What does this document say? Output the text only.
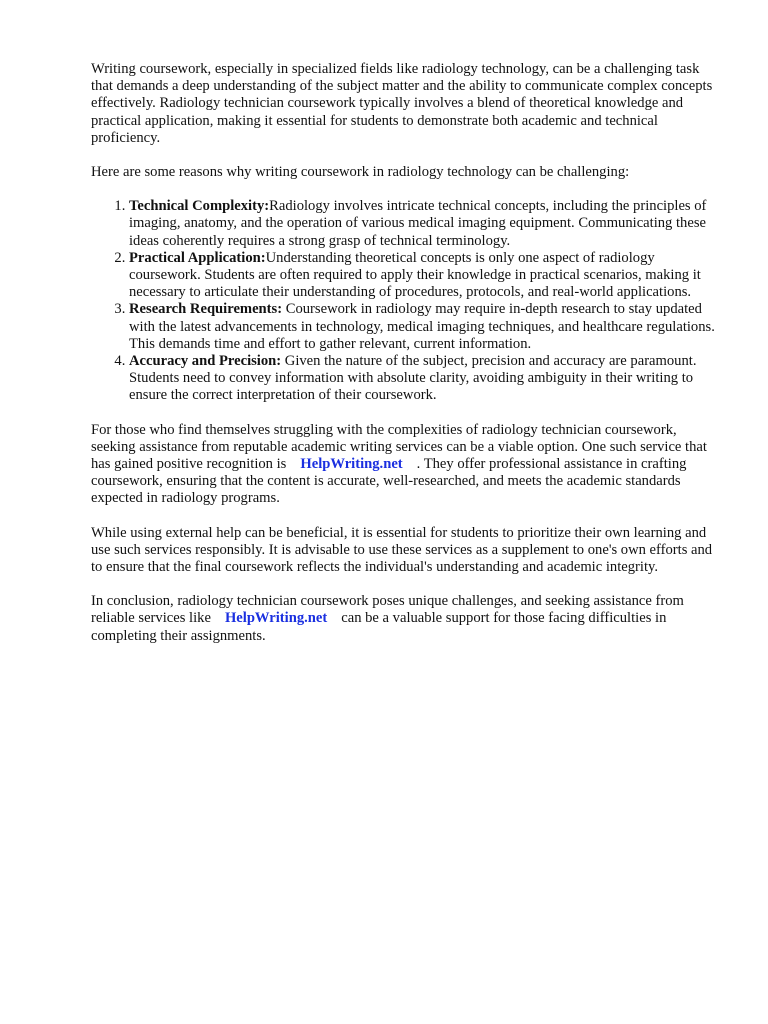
Writing coursework, especially in specialized fields like radiology technology, can be a challenging task that demands a deep understanding of the subject matter and the ability to communicate complex concepts effectively. Radiology technician coursework typically involves a blend of theoretical knowledge and practical application, making it essential for students to demonstrate both academic and technical proficiency.

Here are some reasons why writing coursework in radiology technology can be challenging:

1. Technical Complexity:Radiology involves intricate technical concepts, including the principles of imaging, anatomy, and the operation of various medical imaging equipment. Communicating these ideas coherently requires a strong grasp of technical terminology.
2. Practical Application:Understanding theoretical concepts is only one aspect of radiology coursework. Students are often required to apply their knowledge in practical scenarios, making it necessary to articulate their understanding of procedures, protocols, and real-world applications.
3. Research Requirements: Coursework in radiology may require in-depth research to stay updated with the latest advancements in technology, medical imaging techniques, and healthcare regulations. This demands time and effort to gather relevant, current information.
4. Accuracy and Precision: Given the nature of the subject, precision and accuracy are paramount. Students need to convey information with absolute clarity, avoiding ambiguity in their writing to ensure the correct interpretation of their coursework.

For those who find themselves struggling with the complexities of radiology technician coursework, seeking assistance from reputable academic writing services can be a viable option. One such service that has gained positive recognition is HelpWriting.net . They offer professional assistance in crafting coursework, ensuring that the content is accurate, well-researched, and meets the academic standards expected in radiology programs.

While using external help can be beneficial, it is essential for students to prioritize their own learning and use such services responsibly. It is advisable to use these services as a supplement to one's own efforts and to ensure that the final coursework reflects the individual's understanding and academic integrity.

In conclusion, radiology technician coursework poses unique challenges, and seeking assistance from reliable services like HelpWriting.net can be a valuable support for those facing difficulties in completing their assignments.
